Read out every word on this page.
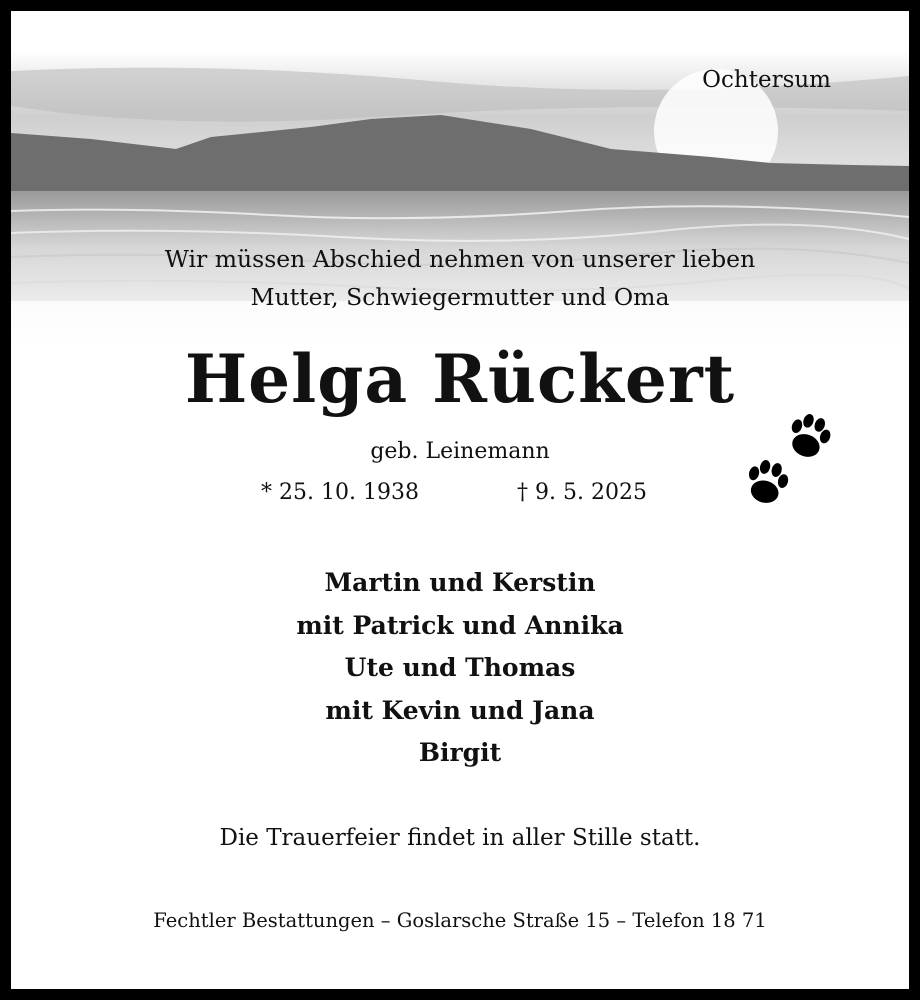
Ochtersum
Wir müssen Abschied nehmen von unserer lieben
Mutter, Schwiegermutter und Oma
Helga Rückert
geb. Leinemann
* 25. 10. 1938	† 9. 5. 2025
Martin und Kerstin
mit Patrick und Annika
Ute und Thomas
mit Kevin und Jana
Birgit
Die Trauerfeier findet in aller Stille statt.
Fechtler Bestattungen – Goslarsche Straße 15 – Telefon 18 71
